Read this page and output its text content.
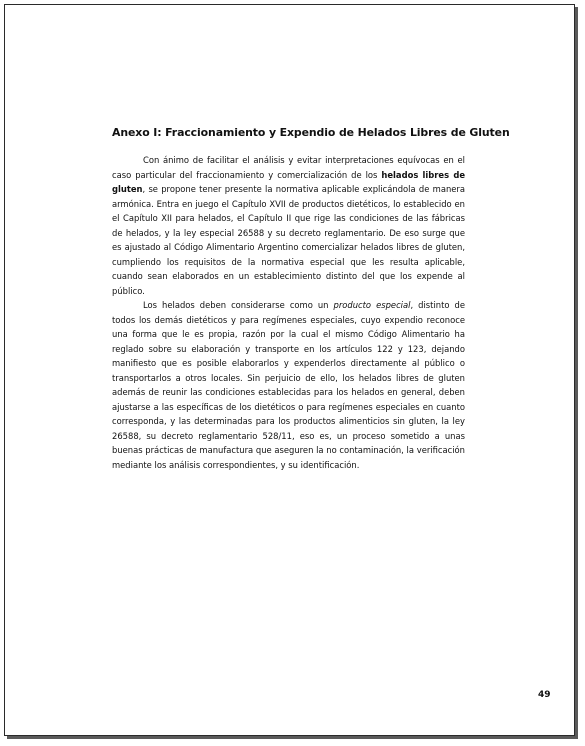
Anexo I: Fraccionamiento y Expendio de Helados Libres de Gluten

Con ánimo de facilitar el análisis y evitar interpretaciones equívocas en el caso particular del fraccionamiento y comercialización de los helados libres de gluten, se propone tener presente la normativa aplicable explicándola de manera armónica. Entra en juego el Capítulo XVII de productos dietéticos, lo establecido en el Capítulo XII para helados, el Capítulo II que rige las condiciones de las fábricas de helados, y la ley especial 26588 y su decreto reglamentario. De eso surge que es ajustado al Código Alimentario Argentino comercializar helados libres de gluten, cumpliendo los requisitos de la normativa especial que les resulta aplicable, cuando sean elaborados en un establecimiento distinto del que los expende al público.

Los helados deben considerarse como un producto especial, distinto de todos los demás dietéticos y para regímenes especiales, cuyo expendio reconoce una forma que le es propia, razón por la cual el mismo Código Alimentario ha reglado sobre su elaboración y transporte en los artículos 122 y 123, dejando manifiesto que es posible elaborarlos y expenderlos directamente al público o transportarlos a otros locales. Sin perjuicio de ello, los helados libres de gluten además de reunir las condiciones establecidas para los helados en general, deben ajustarse a las específicas de los dietéticos o para regímenes especiales en cuanto corresponda, y las determinadas para los productos alimenticios sin gluten, la ley 26588, su decreto reglamentario 528/11, eso es, un proceso sometido a unas buenas prácticas de manufactura que aseguren la no contaminación, la verificación mediante los análisis correspondientes, y su identificación.

49
